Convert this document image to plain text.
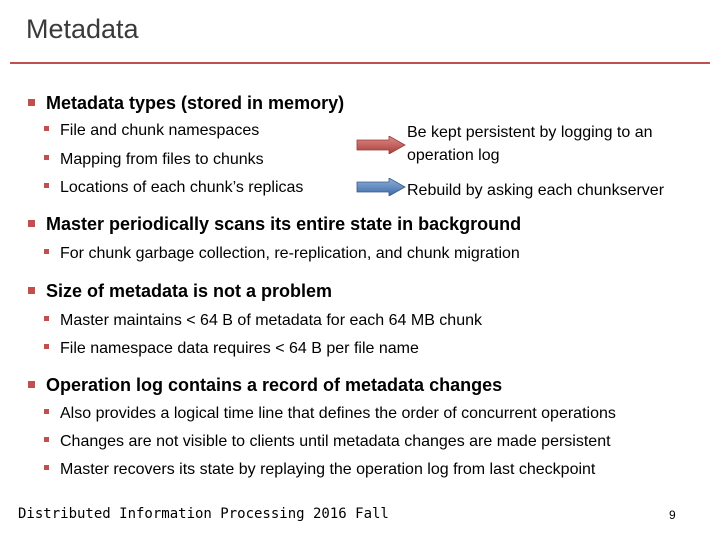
Metadata
Metadata types (stored in memory)
File and chunk namespaces
Mapping from files to chunks
Locations of each chunk’s replicas
Be kept persistent by logging to an operation log
Rebuild by asking each chunkserver
Master periodically scans its entire state in background
For chunk garbage collection, re-replication, and chunk migration
Size of metadata is not a problem
Master maintains < 64 B of metadata for each 64 MB chunk
File namespace data requires < 64 B per file name
Operation log contains a record of metadata changes
Also provides a logical time line that defines the order of concurrent operations
Changes are not visible to clients until metadata changes are made persistent
Master recovers its state by replaying the operation log from last checkpoint
Distributed Information Processing 2016 Fall	9
